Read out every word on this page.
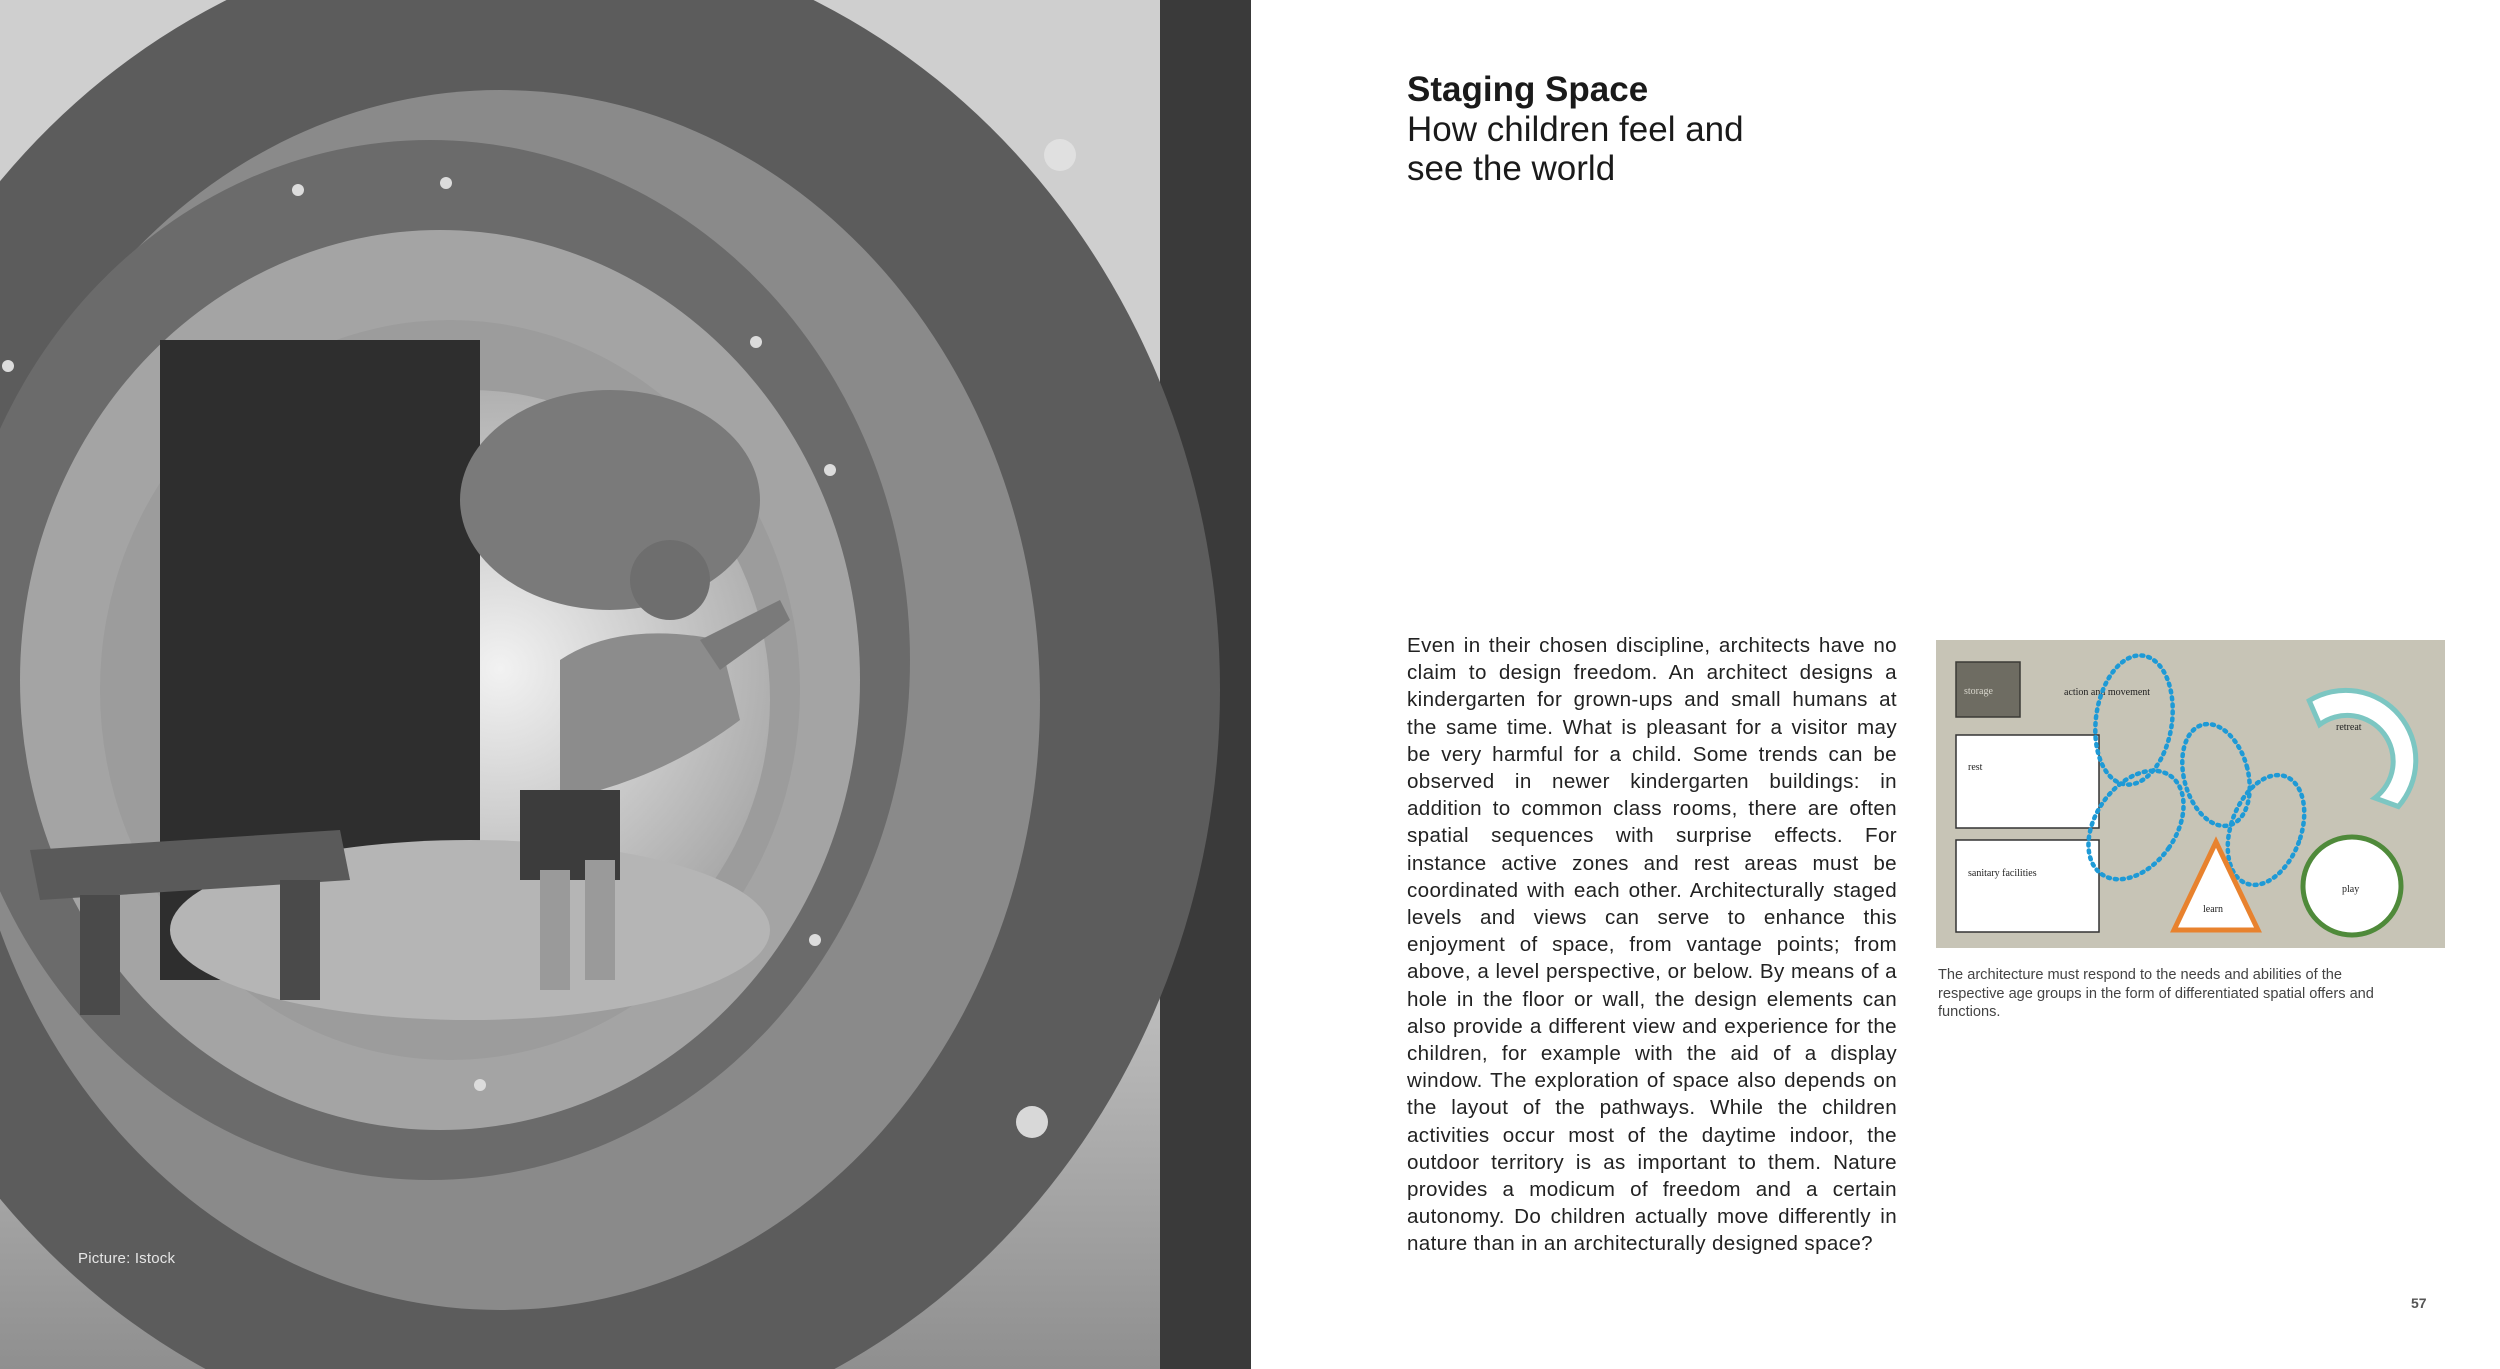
Picture: Istock
Staging Space
How children feel and
see the world
Even in their chosen discipline, architects have no claim to design freedom. An architect designs a kindergarten for grown-ups and small humans at the same time. What is pleasant for a visitor may be very harmful for a child. Some trends can be observed in newer kindergarten buildings: in addition to common class rooms, there are often spatial sequences with surprise effects. For instance active zones and rest areas must be coordinated with each other. Architecturally staged levels and views can serve to enhance this enjoyment of space, from vantage points; from above, a level perspective, or below. By means of a hole in the floor or wall, the design elements can also provide a different view and experience for the children, for example with the aid of a display window. The exploration of space also depends on the layout of the pathways. While the children activities occur most of the daytime indoor, the outdoor territory is as important to them. Nature provides a modicum of freedom and a certain autonomy. Do children actually move differently in nature than in an architecturally designed space?
storage	action and movement
rest
sanitary facilities
retreat
learn
play
The architecture must respond to the needs and abilities of the respective age groups in the form of differentiated spatial offers and functions.
57
